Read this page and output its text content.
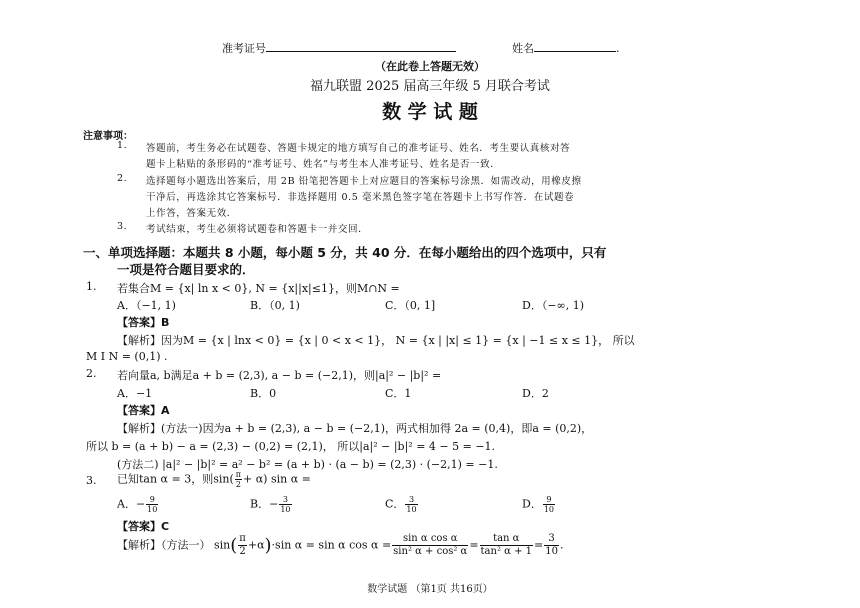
准考证号	姓名	.
（在此卷上答题无效）
福九联盟 2025 届高三年级 5 月联合考试
数 学 试 题
注意事项：
1. 答题前，考生务必在试题卷、答题卡规定的地方填写自己的准考证号、姓名．考生要认真核对答
题卡上粘贴的条形码的“准考证号、姓名”与考生本人准考证号、姓名是否一致．
2. 选择题每小题选出答案后，用 2B 铅笔把答题卡上对应题目的答案标号涂黑．如需改动，用橡皮擦
干净后，再选涂其它答案标号．非选择题用 0.5 毫米黑色签字笔在答题卡上书写作答．在试题卷
上作答，答案无效．
3. 考试结束，考生必须将试题卷和答题卡一并交回．
一、单项选择题：本题共 8 小题，每小题 5 分，共 40 分．在每小题给出的四个选项中，只有
一项是符合题目要求的．
1. 若集合M = {x| ln x < 0}, N = {x||x|≤1}，则M∩N =
A．（−1, 1)	B．（0, 1)	C．（0, 1]	D．（−∞, 1)
【答案】B
【解析】因为M = {x | lnx < 0} = {x | 0 < x < 1}， N = {x | |x| ≤ 1} = {x | −1 ≤ x ≤ 1}， 所以
M I N = (0,1) .
2. 若向量a, b满足a + b = (2,3), a − b = (−2,1)，则|a|² − |b|² =
A．−1	B．0	C．1	D．2
【答案】A
【解析】(方法一)因为a + b = (2,3), a − b = (−2,1)，两式相加得 2a = (0,4)，即a = (0,2)，
所以 b = (a + b) − a = (2,3) − (0,2) = (2,1)， 所以|a|² − |b|² = 4 − 5 = −1.
(方法二) |a|² − |b|² = a² − b² = (a + b) · (a − b) = (2,3) · (−2,1) = −1.
3. 已知tan α = 3，则$\sin( \frac{\pi}{2} + \alpha)$ sin α =
A．− $\frac{9}{10}$	B．− $\frac{3}{10}$	C． $\frac{3}{10}$	D． $\frac{9}{10}$
【答案】C
【解析】（方法一） $\sin( \frac{\pi}{2} +\alpha)\cdot\sin$ α = sin α $\cos \alpha = \frac{\text{sin α cos α}}{\text{sin² α + cos² α}} = \frac{\text{tan α}}{\text{tan² α + 1}} = \frac{3}{10}$ .
数学试题 （第1页 共16页）
